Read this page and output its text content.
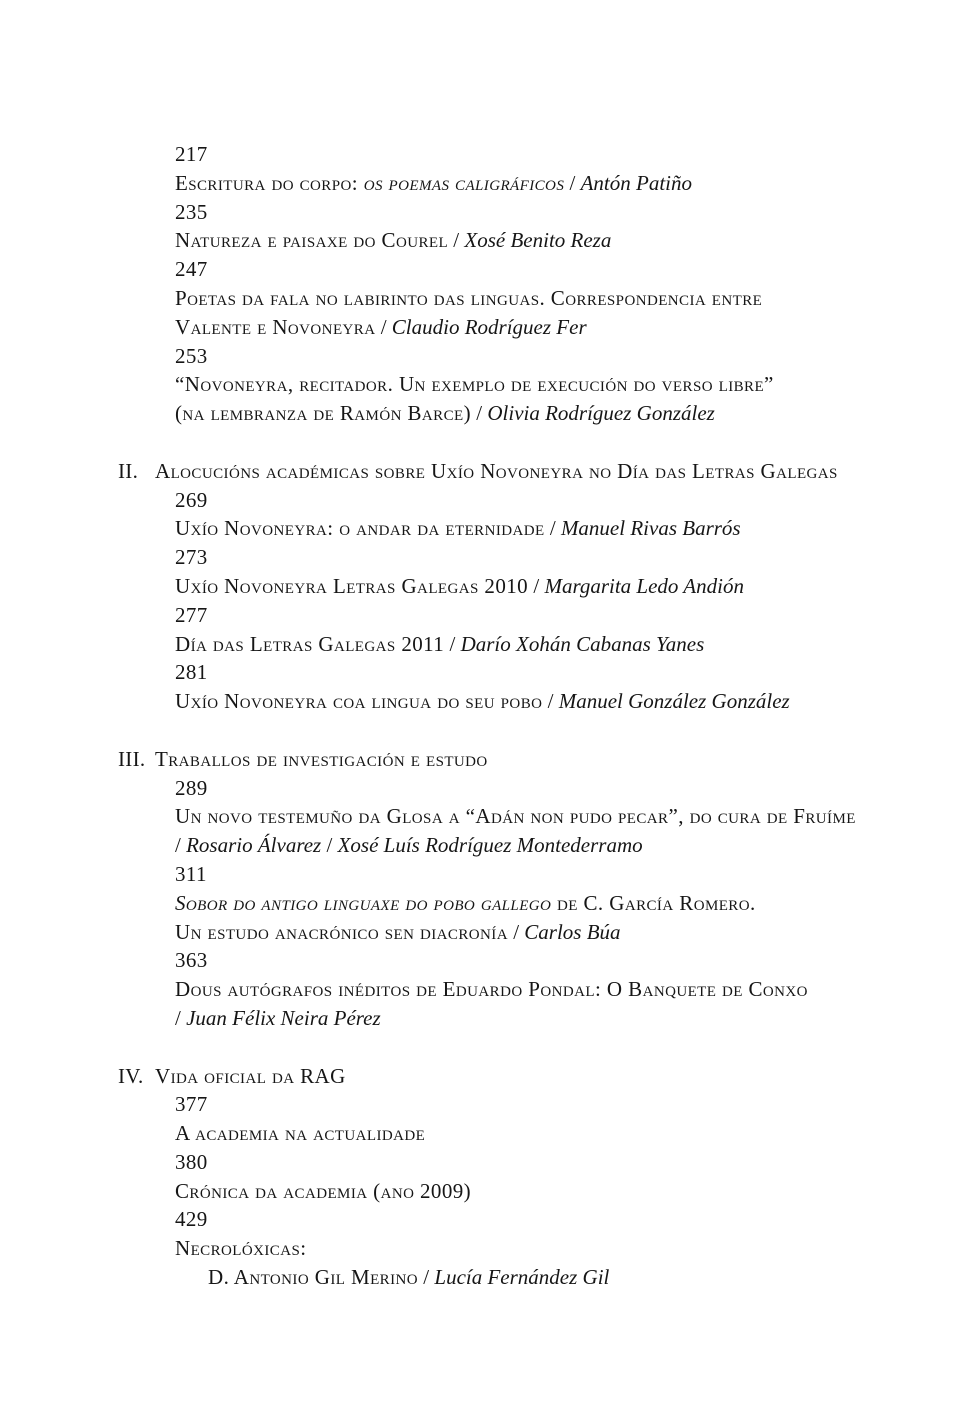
217
Escritura do corpo: os poemas caligráficos / Antón Patiño
235
Natureza e paisaxe do Courel / Xosé Benito Reza
247
Poetas da fala no labirinto das linguas. Correspondencia entre
Valente e Novoneyra / Claudio Rodríguez Fer
253
“Novoneyra, recitador. Un exemplo de execución do verso libre”
(na lembranza de Ramón Barce) / Olivia Rodríguez González
II. Alocucións académicas sobre Uxío Novoneyra no Día das Letras Galegas
269
Uxío Novoneyra: o andar da eternidade / Manuel Rivas Barrós
273
Uxío Novoneyra Letras Galegas 2010 / Margarita Ledo Andión
277
Día das Letras Galegas 2011 / Darío Xohán Cabanas Yanes
281
Uxío Novoneyra coa lingua do seu pobo / Manuel González González
III. Traballos de investigación e estudo
289
Un novo testemuño da Glosa a “Adán non pudo pecar”, do cura de Fruíme
/ Rosario Álvarez / Xosé Luís Rodríguez Montederramo
311
Sobor do antigo linguaxe do pobo gallego de C. García Romero.
Un estudo anacrónico sen diacronía / Carlos Búa
363
Dous autógrafos inéditos de Eduardo Pondal: O Banquete de Conxo
/ Juan Félix Neira Pérez
IV. Vida oficial da RAG
377
A academia na actualidade
380
Crónica da academia (ano 2009)
429
Necrolóxicas:
D. Antonio Gil Merino / Lucía Fernández Gil
